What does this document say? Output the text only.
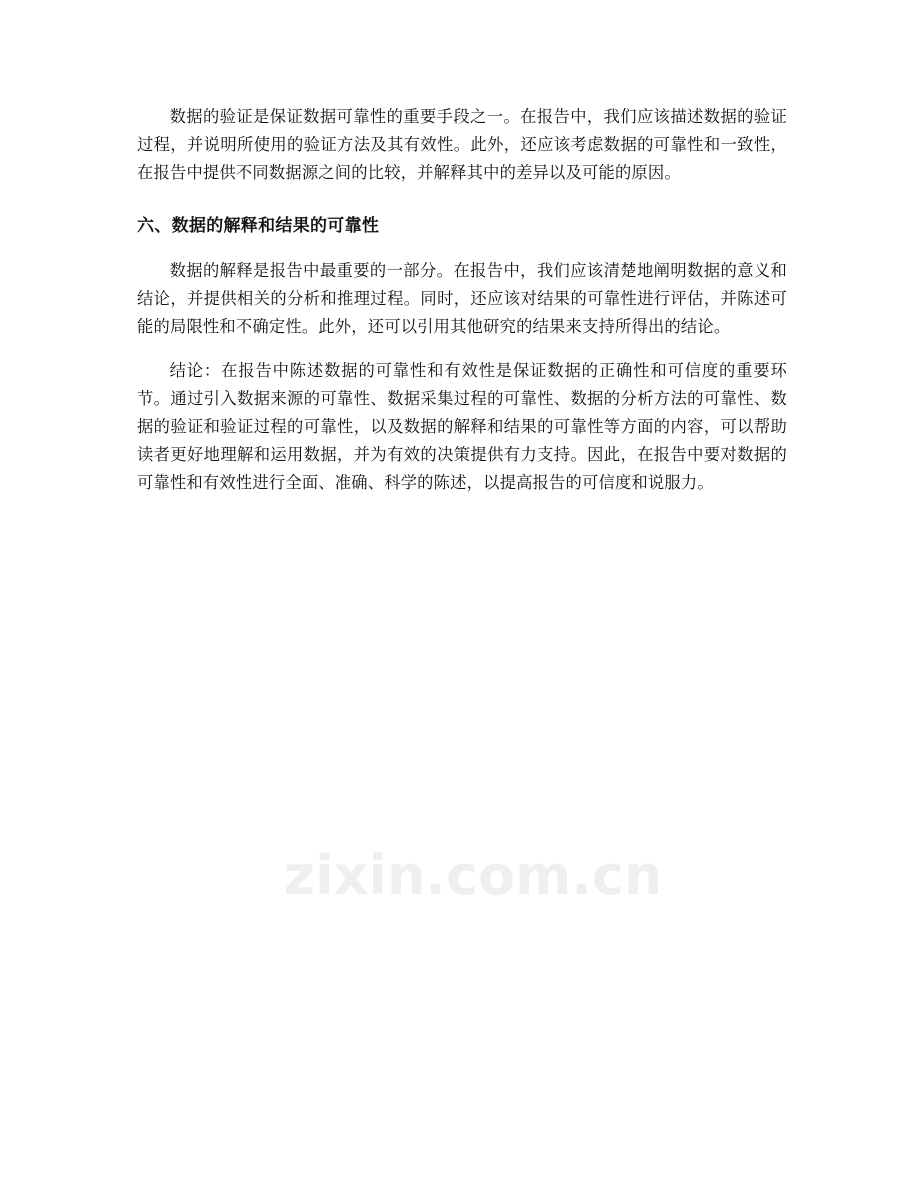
数据的验证是保证数据可靠性的重要手段之一。在报告中，我们应该描述数据的验证过程，并说明所使用的验证方法及其有效性。此外，还应该考虑数据的可靠性和一致性，在报告中提供不同数据源之间的比较，并解释其中的差异以及可能的原因。

六、数据的解释和结果的可靠性

数据的解释是报告中最重要的一部分。在报告中，我们应该清楚地阐明数据的意义和结论，并提供相关的分析和推理过程。同时，还应该对结果的可靠性进行评估，并陈述可能的局限性和不确定性。此外，还可以引用其他研究的结果来支持所得出的结论。

结论：在报告中陈述数据的可靠性和有效性是保证数据的正确性和可信度的重要环节。通过引入数据来源的可靠性、数据采集过程的可靠性、数据的分析方法的可靠性、数据的验证和验证过程的可靠性，以及数据的解释和结果的可靠性等方面的内容，可以帮助读者更好地理解和运用数据，并为有效的决策提供有力支持。因此，在报告中要对数据的可靠性和有效性进行全面、准确、科学的陈述，以提高报告的可信度和说服力。

zixin.com.cn
